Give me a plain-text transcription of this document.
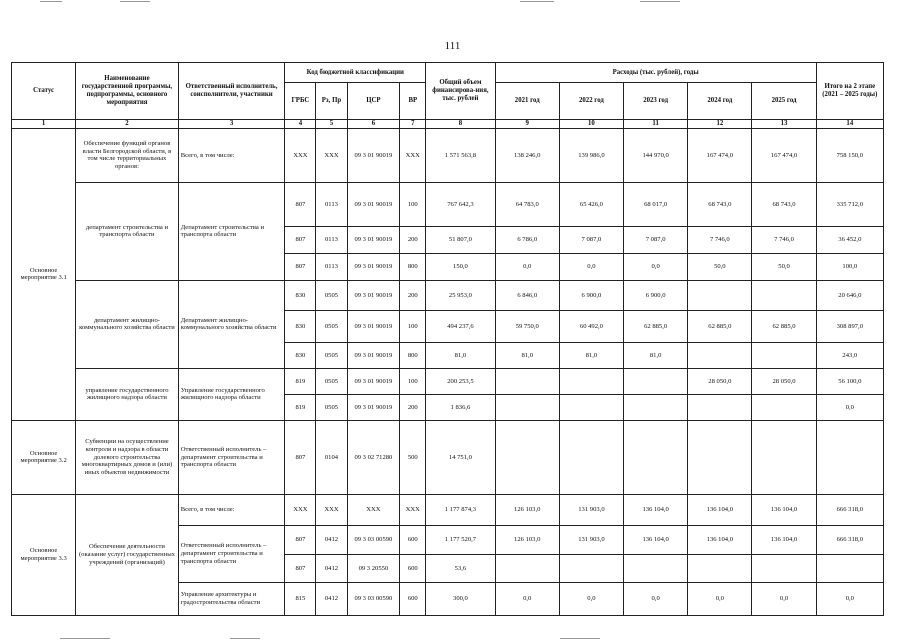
111
Статус	Наименование государственной программы, подпрограммы, основного мероприятия	Ответственный исполнитель, соисполнители, участники	Код бюджетной классификации				Общий объем финансирова-ния, тыс. рублей	Расходы (тыс. рублей), годы					Итого на 2 этапе (2021 – 2025 годы)
			ГРБС	Рз, Пр	ЦСР	ВР		2021 год	2022 год	2023 год	2024 год	2025 год	
1	2	3	4	5	6	7	8	9	10	11	12	13	14
Основное мероприятие 3.1	Обеспечение функций органов власти Белгородской области, в том числе территориальных органов:	Всего, в том числе:	XXX	XXX	09 3 01 90019	XXX	1 571 563,8	138 246,0	139 986,0	144 970,0	167 474,0	167 474,0	758 150,0
	департамент строительства и транспорта области	Департамент строительства и транспорта области	807	0113	09 3 01 90019	100	767 642,3	64 783,0	65 426,0	68 017,0	68 743,0	68 743,0	335 712,0
			807	0113	09 3 01 90019	200	51 807,0	6 786,0	7 087,0	7 087,0	7 746,0	7 746,0	36 452,0
			807	0113	09 3 01 90019	800	150,0	0,0	0,0	0,0	50,0	50,0	100,0
	департамент жилищно-коммунального хозяйства области	Департамент жилищно-коммунального хозяйства области	830	0505	09 3 01 90019	200	25 953,0	6 846,0	6 900,0	6 900,0			20 646,0
			830	0505	09 3 01 90019	100	494 237,6	59 750,0	60 492,0	62 885,0	62 885,0	62 885,0	308 897,0
			830	0505	09 3 01 90019	800	81,0	81,0	81,0	81,0			243,0
	управление государственного жилищного надзора области	Управление государственного жилищного надзора области	819	0505	09 3 01 90019	100	200 253,5				28 050,0	28 050,0	56 100,0
			819	0505	09 3 01 90019	200	1 836,6						0,0
Основное мероприятие 3.2	Субвенции на осуществление контроля и надзора в области долевого строительства многоквартирных домов и (или) иных объектов недвижимости	Ответственный исполнитель – департамент строительства и транспорта области	807	0104	09 3 02 71280	500	14 751,0						
Основное мероприятие 3.3	Обеспечение деятельности (оказание услуг) государственных учреждений (организаций)	Всего, в том числе:	XXX	XXX	XXX	XXX	1 177 874,3	126 103,0	131 903,0	136 104,0	136 104,0	136 104,0	666 318,0
		Ответственный исполнитель – департамент строительства и транспорта области	807	0412	09 3 03 00590	600	1 177 520,7	126 103,0	131 903,0	136 104,0	136 104,0	136 104,0	666 318,0
			807	0412	09 3 20550	600	53,6						
		Управление архитектуры и градостроительства области	815	0412	09 3 03 00590	600	300,0	0,0	0,0	0,0	0,0	0,0	0,0
